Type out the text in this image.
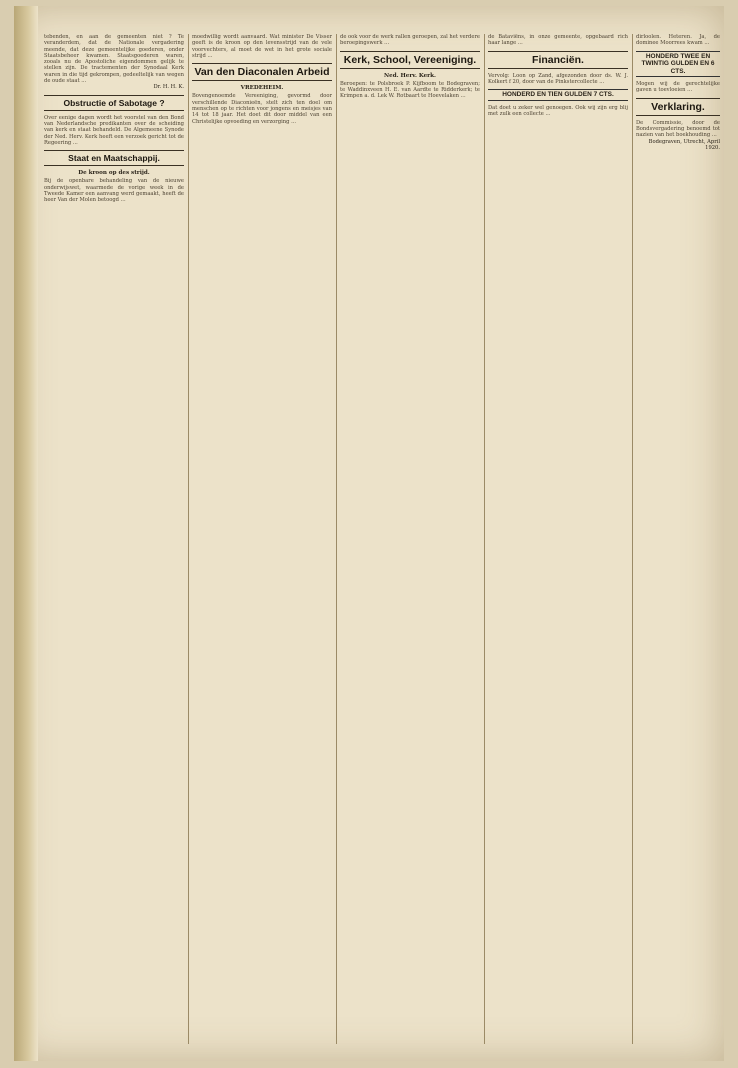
tebenden, en aan de gemeenten niet ? Te veranderdem, dat de Nationale vergadering meende, dat deze gemeentelijke goederen, onder Staatsbeheer kwamen. Staatsgoederen waren, zooals nu de Apostoliche eigendommen gelijk te stellen zijn. De tractementen der Synodaal Kerk waren in die tijd gekrompen, gedeeltelijk van wegen de oude staat ...
Dr. H. H. K.
Obstructie of Sabotage ?
Over eenige dagen wordt het voorstel van den Bond van Nederlandsche predikanten over de scheiding van kerk en staat behandeld. De Algemeene Synode der Ned. Herv. Kerk heeft een verzoek gericht tot de Regeering ...
Staat en Maatschappij.
De kroon op des strijd.
Bij de openbare behandeling van de nieuwe onderwijswet, waarmede de vorige week in de Tweede Kamer een aanvang werd gemaakt, heeft de heer Van der Molen betoogd ...
moedwillig wordt aanvaard. Wat minister De Visser geeft is de kroon op den levensstrijd van de vele voorvechters, al moet de wet in het grote sociale strijd ...
Van den Diaconalen Arbeid
VREDEHEIM.
Bovengenoemde Vereeniging, gevormd door verschillende Diaconieën, stelt zich ten doel om menschen op te richten voor jongens en meisjes van 14 tot 18 jaar. Het doet dit door middel van een Christelijke opvoeding en verzorging ...
de ook voor de werk rallen geroepen, zal het verdere beroepingswerk ...
Kerk, School, Vereeniging.
Ned. Herv. Kerk.
Beroepen: te Polsbroek P. Kijfboom te Bodegraven; te Waddinxveen H. E. van Aardte te Ridderkerk; te Krimpen a. d. Lek W. Rotbaart te Hoevelaken ...
de Bataviëns, in onze gemeente, opgebaard rich haar lange ...
Financiën.
Vervolg: Loon op Zand, afgezonden door ds. W. J. Kolkert f 20, door van de Pinkstercollecte ...
HONDERD EN TIEN GULDEN 7 CTS.
Dat doet u zeker wel genoegen. Ook wij zijn erg blij met zulk een collecte ...
dirloolen. Heteren. Ja, de dominee Moorrees kwam ...
HONDERD TWEE EN TWINTIG GULDEN EN 6 CTS.
Mogen wij de gerechtelijke gaven u toevloeien ...
Verklaring.
De Commissie, door de Bondsvergadering benoemd tot nazien van het boekhouding ...
Bodegraven, Utrecht, April 1920.
